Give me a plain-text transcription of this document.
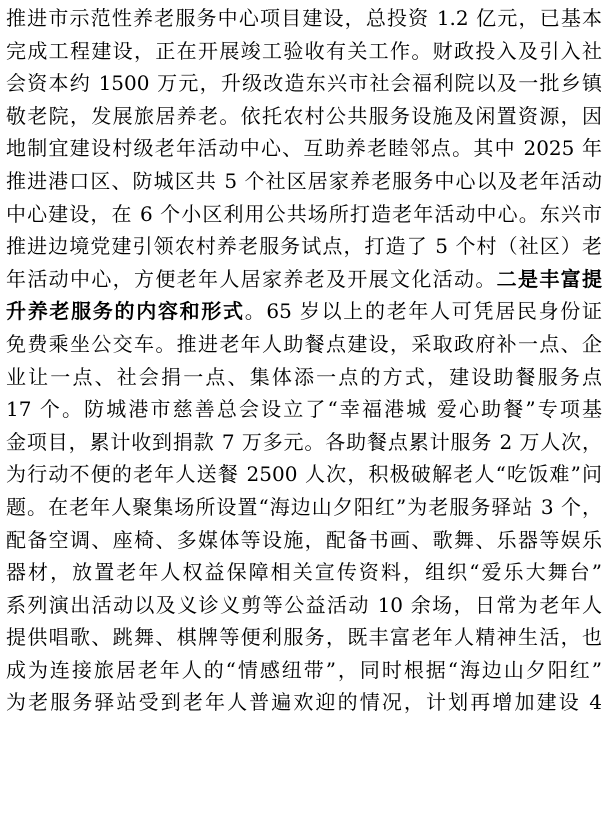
推进市示范性养老服务中心项目建设，总投资 1.2 亿元，已基本
完成工程建设，正在开展竣工验收有关工作。财政投入及引入社
会资本约 1500 万元，升级改造东兴市社会福利院以及一批乡镇
敬老院，发展旅居养老。依托农村公共服务设施及闲置资源，因
地制宜建设村级老年活动中心、互助养老睦邻点。其中 2025 年
推进港口区、防城区共 5 个社区居家养老服务中心以及老年活动
中心建设，在 6 个小区利用公共场所打造老年活动中心。东兴市
推进边境党建引领农村养老服务试点，打造了 5 个村（社区）老
年活动中心，方便老年人居家养老及开展文化活动。二是丰富提
升养老服务的内容和形式。65 岁以上的老年人可凭居民身份证
免费乘坐公交车。推进老年人助餐点建设，采取政府补一点、企
业让一点、社会捐一点、集体添一点的方式，建设助餐服务点
17 个。防城港市慈善总会设立了“幸福港城 爱心助餐”专项基
金项目，累计收到捐款 7 万多元。各助餐点累计服务 2 万人次，
为行动不便的老年人送餐 2500 人次，积极破解老人“吃饭难”问
题。在老年人聚集场所设置“海边山夕阳红”为老服务驿站 3 个，
配备空调、座椅、多媒体等设施，配备书画、歌舞、乐器等娱乐
器材，放置老年人权益保障相关宣传资料，组织“爱乐大舞台”
系列演出活动以及义诊义剪等公益活动 10 余场，日常为老年人
提供唱歌、跳舞、棋牌等便利服务，既丰富老年人精神生活，也
成为连接旅居老年人的“情感纽带”，同时根据“海边山夕阳红”
为老服务驿站受到老年人普遍欢迎的情况，计划再增加建设 4
